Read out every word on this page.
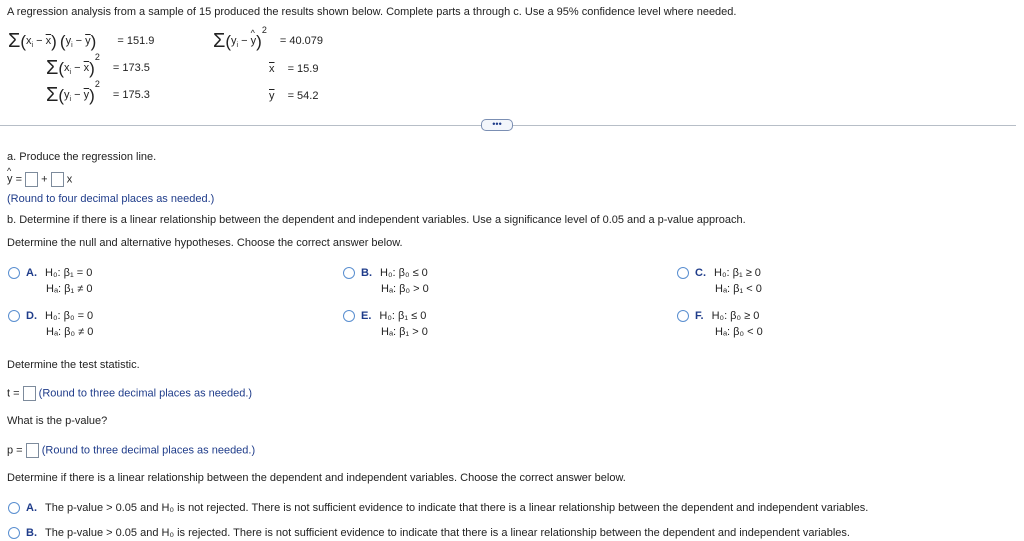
A regression analysis from a sample of 15 produced the results shown below. Complete parts a through c. Use a 95% confidence level where needed.
$\Sigma(x_i - \overline{x}) (y_i - \overline{y}) = 151.9$	$\Sigma(y_i$ − ^ y)$^2$ = 40.079
$\Sigma(x_i - \overline{x})^2 = 173.5$	$\overline{x} = 15.9$
$\Sigma(y_i - \overline{y})^2 = 175.3$	$\overline{y} = 54.2$
•••
a. Produce the regression line.
^ y = + x
(Round to four decimal places as needed.)
b. Determine if there is a linear relationship between the dependent and independent variables. Use a significance level of 0.05 and a p-value approach.
Determine the null and alternative hypotheses. Choose the correct answer below.
A. H₀: β₁ = 0
Hₐ: β₁ ≠ 0
B. H₀: β₀ ≤ 0
Hₐ: β₀ > 0
C. H₀: β₁ ≥ 0
Hₐ: β₁ < 0
D. H₀: β₀ = 0
Hₐ: β₀ ≠ 0
E. H₀: β₁ ≤ 0
Hₐ: β₁ > 0
F. H₀: β₀ ≥ 0
Hₐ: β₀ < 0
Determine the test statistic.
t = (Round to three decimal places as needed.)
What is the p-value?
p = (Round to three decimal places as needed.)
Determine if there is a linear relationship between the dependent and independent variables. Choose the correct answer below.
A. The p-value > 0.05 and H₀ is not rejected. There is not sufficient evidence to indicate that there is a linear relationship between the dependent and independent variables.
B. The p-value > 0.05 and H₀ is rejected. There is not sufficient evidence to indicate that there is a linear relationship between the dependent and independent variables.
